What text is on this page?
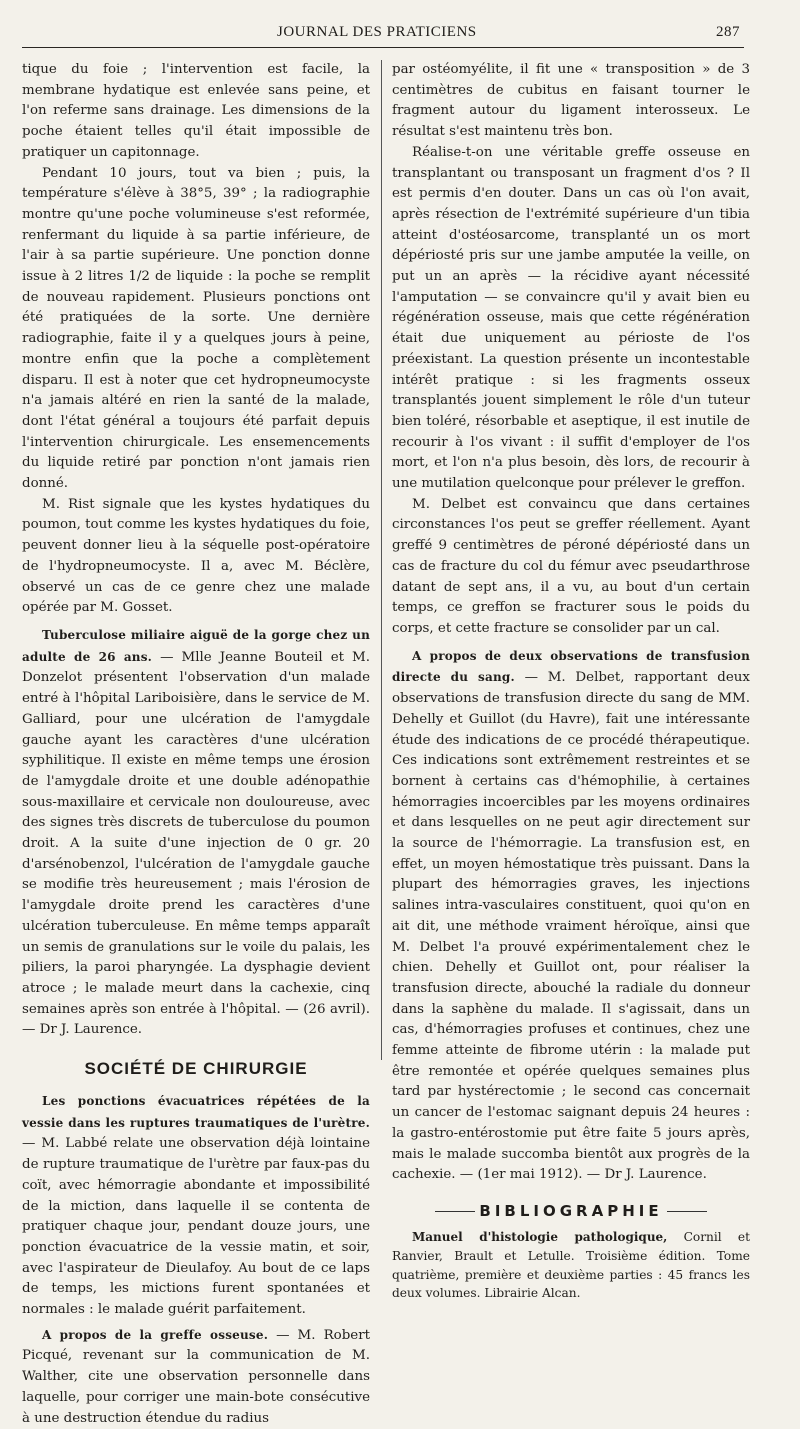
JOURNAL DES PRATICIENS	287

tique du foie ; l'intervention est facile, la membrane hydatique est enlevée sans peine, et l'on referme sans drainage. Les dimensions de la poche étaient telles qu'il était impossible de pratiquer un capitonnage.

Pendant 10 jours, tout va bien ; puis, la température s'élève à 38°5, 39° ; la radiographie montre qu'une poche volumineuse s'est reformée, renfermant du liquide à sa partie inférieure, de l'air à sa partie supérieure. Une ponction donne issue à 2 litres 1/2 de liquide : la poche se remplit de nouveau rapidement. Plusieurs ponctions ont été pratiquées de la sorte. Une dernière radiographie, faite il y a quelques jours à peine, montre enfin que la poche a complètement disparu. Il est à noter que cet hydropneumocyste n'a jamais altéré en rien la santé de la malade, dont l'état général a toujours été parfait depuis l'intervention chirurgicale. Les ensemencements du liquide retiré par ponction n'ont jamais rien donné.

M. Rist signale que les kystes hydatiques du poumon, tout comme les kystes hydatiques du foie, peuvent donner lieu à la séquelle post-opératoire de l'hydropneumocyste. Il a, avec M. Béclère, observé un cas de ce genre chez une malade opérée par M. Gosset.

Tuberculose miliaire aiguë de la gorge chez un adulte de 26 ans. — Mlle Jeanne Bouteil et M. Donzelot présentent l'observation d'un malade entré à l'hôpital Lariboisière, dans le service de M. Galliard, pour une ulcération de l'amygdale gauche ayant les caractères d'une ulcération syphilitique. Il existe en même temps une érosion de l'amygdale droite et une double adénopathie sous-maxillaire et cervicale non douloureuse, avec des signes très discrets de tuberculose du poumon droit. A la suite d'une injection de 0 gr. 20 d'arsénobenzol, l'ulcération de l'amygdale gauche se modifie très heureusement ; mais l'érosion de l'amygdale droite prend les caractères d'une ulcération tuberculeuse. En même temps apparaît un semis de granulations sur le voile du palais, les piliers, la paroi pharyngée. La dysphagie devient atroce ; le malade meurt dans la cachexie, cinq semaines après son entrée à l'hôpital. — (26 avril). — Dr J. Laurence.

SOCIÉTÉ DE CHIRURGIE

Les ponctions évacuatrices répétées de la vessie dans les ruptures traumatiques de l'urètre. — M. Labbé relate une observation déjà lointaine de rupture traumatique de l'urètre par faux-pas du coït, avec hémorragie abondante et impossibilité de la miction, dans laquelle il se contenta de pratiquer chaque jour, pendant douze jours, une ponction évacuatrice de la vessie matin, et soir, avec l'aspirateur de Dieulafoy. Au bout de ce laps de temps, les mictions furent spontanées et normales : le malade guérit parfaitement.

A propos de la greffe osseuse. — M. Robert Picqué, revenant sur la communication de M. Walther, cite une observation personnelle dans laquelle, pour corriger une main-bote consécutive à une destruction étendue du radius

par ostéomyélite, il fit une « transposition » de 3 centimètres de cubitus en faisant tourner le fragment autour du ligament interosseux. Le résultat s'est maintenu très bon.

Réalise-t-on une véritable greffe osseuse en transplantant ou transposant un fragment d'os ? Il est permis d'en douter. Dans un cas où l'on avait, après résection de l'extrémité supérieure d'un tibia atteint d'ostéosarcome, transplanté un os mort dépériosté pris sur une jambe amputée la veille, on put un an après — la récidive ayant nécessité l'amputation — se convaincre qu'il y avait bien eu régénération osseuse, mais que cette régénération était due uniquement au périoste de l'os préexistant. La question présente un incontestable intérêt pratique : si les fragments osseux transplantés jouent simplement le rôle d'un tuteur bien toléré, résorbable et aseptique, il est inutile de recourir à l'os vivant : il suffit d'employer de l'os mort, et l'on n'a plus besoin, dès lors, de recourir à une mutilation quelconque pour prélever le greffon.

M. Delbet est convaincu que dans certaines circonstances l'os peut se greffer réellement. Ayant greffé 9 centimètres de péroné dépériosté dans un cas de fracture du col du fémur avec pseudarthrose datant de sept ans, il a vu, au bout d'un certain temps, ce greffon se fracturer sous le poids du corps, et cette fracture se consolider par un cal.

A propos de deux observations de transfusion directe du sang. — M. Delbet, rapportant deux observations de transfusion directe du sang de MM. Dehelly et Guillot (du Havre), fait une intéressante étude des indications de ce procédé thérapeutique. Ces indications sont extrêmement restreintes et se bornent à certains cas d'hémophilie, à certaines hémorragies incoercibles par les moyens ordinaires et dans lesquelles on ne peut agir directement sur la source de l'hémorragie. La transfusion est, en effet, un moyen hémostatique très puissant. Dans la plupart des hémorragies graves, les injections salines intra-vasculaires constituent, quoi qu'on en ait dit, une méthode vraiment héroïque, ainsi que M. Delbet l'a prouvé expérimentalement chez le chien. Dehelly et Guillot ont, pour réaliser la transfusion directe, abouché la radiale du donneur dans la saphène du malade. Il s'agissait, dans un cas, d'hémorragies profuses et continues, chez une femme atteinte de fibrome utérin : la malade put être remontée et opérée quelques semaines plus tard par hystérectomie ; le second cas concernait un cancer de l'estomac saignant depuis 24 heures : la gastro-entérostomie put être faite 5 jours après, mais le malade succomba bientôt aux progrès de la cachexie. — (1er mai 1912). — Dr J. Laurence.

BIBLIOGRAPHIE

Manuel d'histologie pathologique, Cornil et Ranvier, Brault et Letulle. Troisième édition. Tome quatrième, première et deuxième parties : 45 francs les deux volumes. Librairie Alcan.
